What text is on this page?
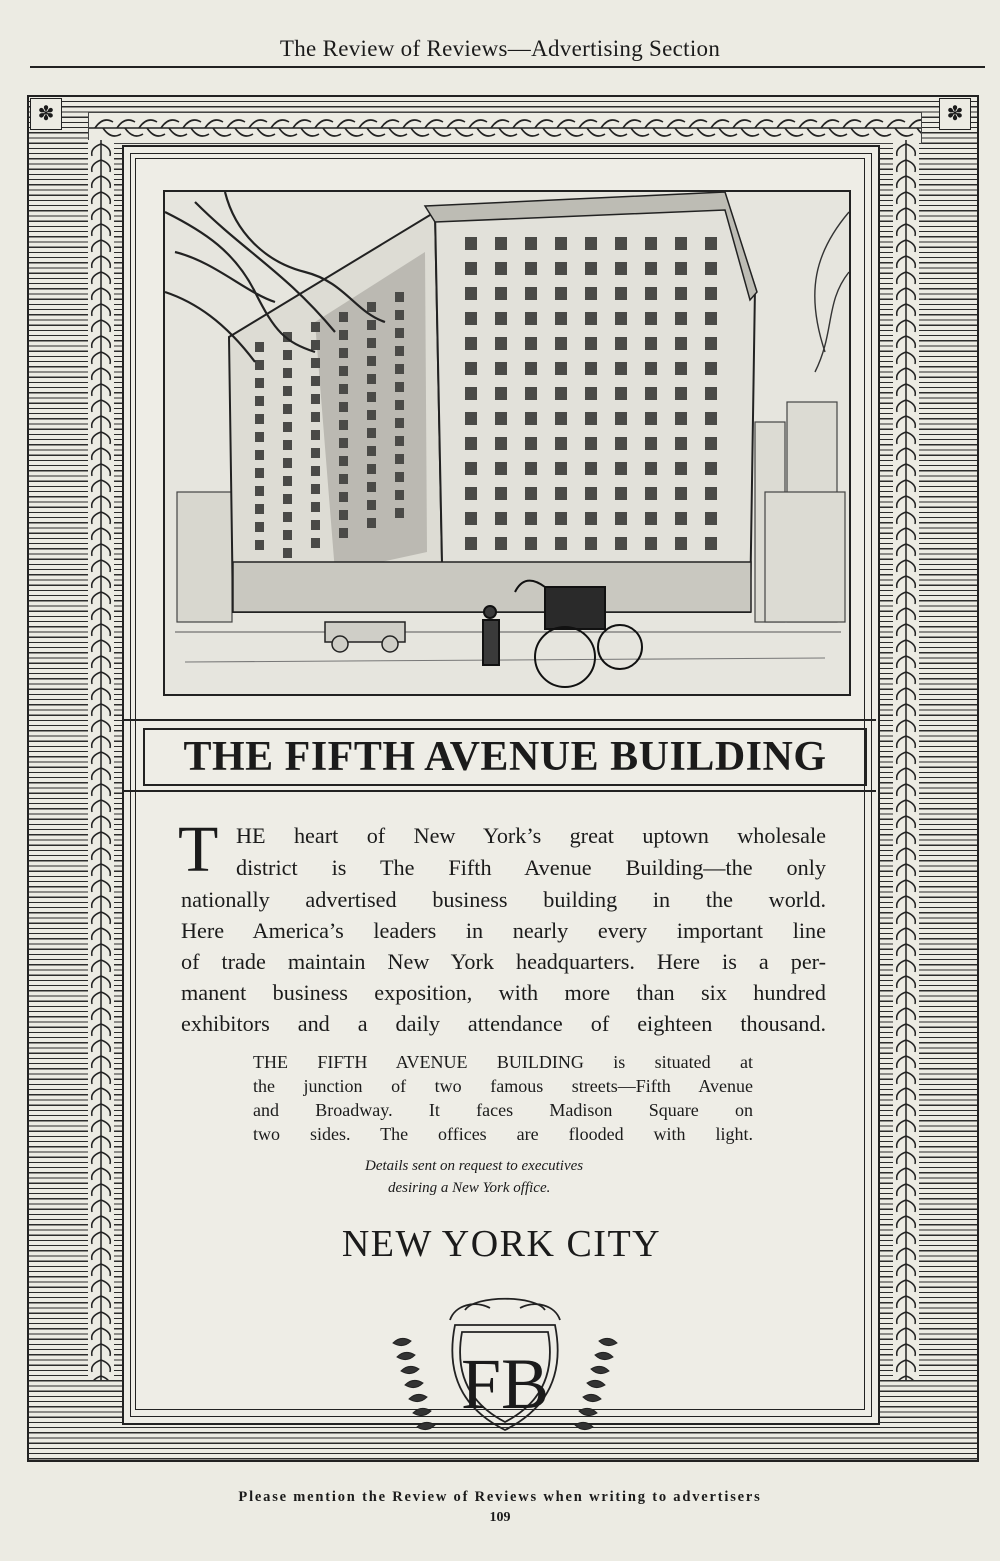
The Review of Reviews—Advertising Section
✽	✽
THE FIFTH AVENUE BUILDING
T HE heart of New York’s great uptown wholesale
district is The Fifth Avenue Building—the only
nationally advertised business building in the world.
Here America’s leaders in nearly every important line
of trade maintain New York headquarters. Here is a per-
manent business exposition, with more than six hundred
exhibitors and a daily attendance of eighteen thousand.
THE FIFTH AVENUE BUILDING is situated at
the junction of two famous streets—Fifth Avenue
and Broadway. It faces Madison Square on
two sides. The offices are flooded with light.
Details sent on request to executives
desiring a New York office.
NEW YORK CITY
FB
Please mention the Review of Reviews when writing to advertisers
109
